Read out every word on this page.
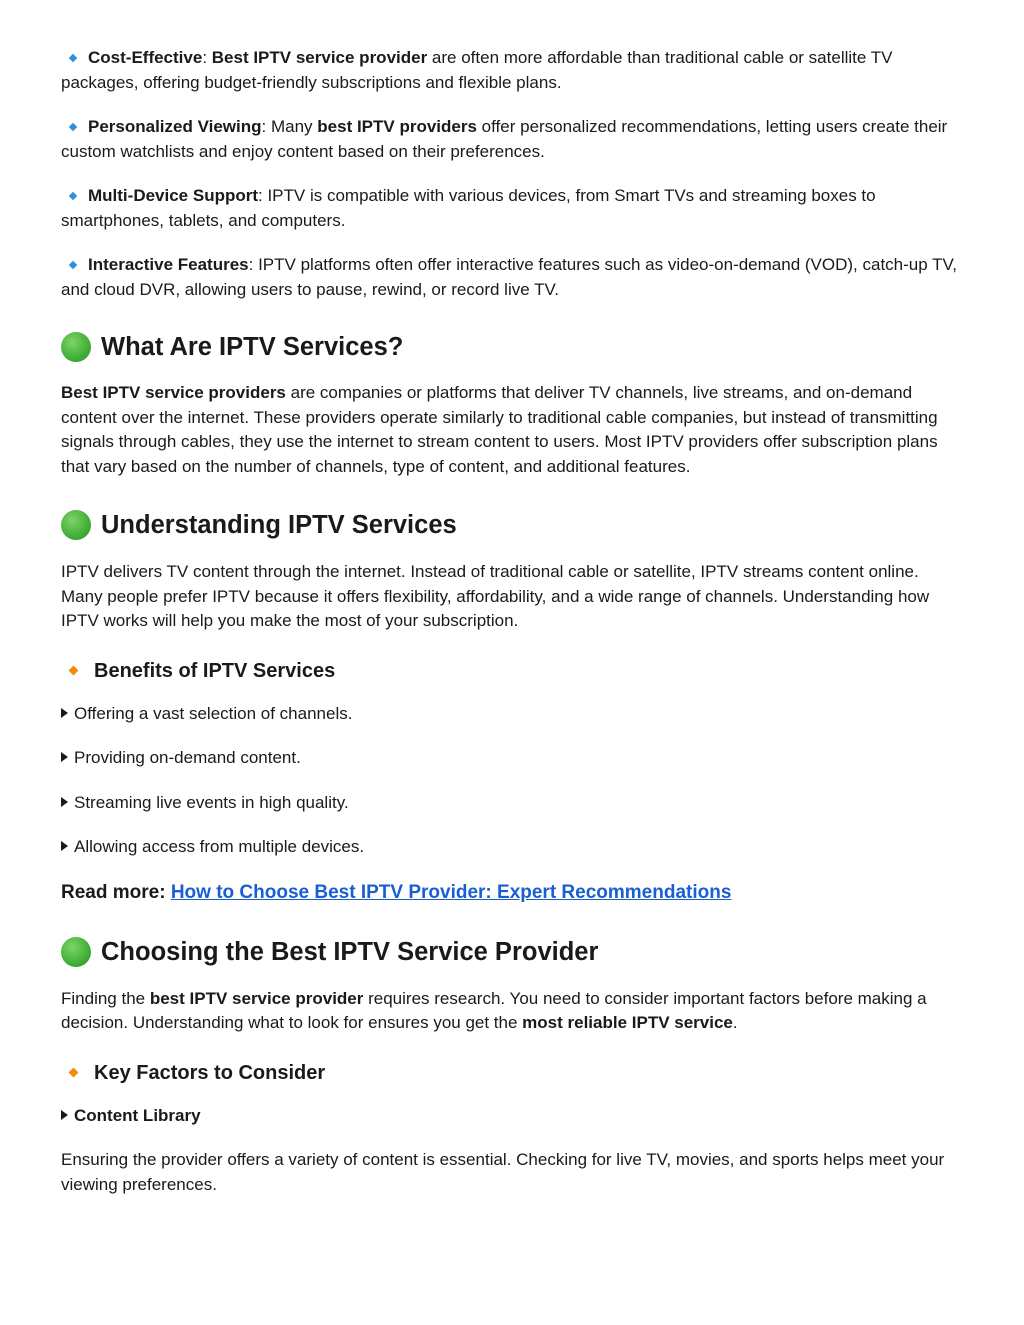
Cost-Effective: Best IPTV service provider are often more affordable than traditional cable or satellite TV packages, offering budget-friendly subscriptions and flexible plans.

Personalized Viewing: Many best IPTV providers offer personalized recommendations, letting users create their custom watchlists and enjoy content based on their preferences.

Multi-Device Support: IPTV is compatible with various devices, from Smart TVs and streaming boxes to smartphones, tablets, and computers.

Interactive Features: IPTV platforms often offer interactive features such as video-on-demand (VOD), catch-up TV, and cloud DVR, allowing users to pause, rewind, or record live TV.

What Are IPTV Services?

Best IPTV service providers are companies or platforms that deliver TV channels, live streams, and on-demand content over the internet. These providers operate similarly to traditional cable companies, but instead of transmitting signals through cables, they use the internet to stream content to users. Most IPTV providers offer subscription plans that vary based on the number of channels, type of content, and additional features.

Understanding IPTV Services

IPTV delivers TV content through the internet. Instead of traditional cable or satellite, IPTV streams content online. Many people prefer IPTV because it offers flexibility, affordability, and a wide range of channels. Understanding how IPTV works will help you make the most of your subscription.

Benefits of IPTV Services

Offering a vast selection of channels.

Providing on-demand content.

Streaming live events in high quality.

Allowing access from multiple devices.

Read more: How to Choose Best IPTV Provider: Expert Recommendations

Choosing the Best IPTV Service Provider

Finding the best IPTV service provider requires research. You need to consider important factors before making a decision. Understanding what to look for ensures you get the most reliable IPTV service.

Key Factors to Consider

Content Library

Ensuring the provider offers a variety of content is essential. Checking for live TV, movies, and sports helps meet your viewing preferences.
